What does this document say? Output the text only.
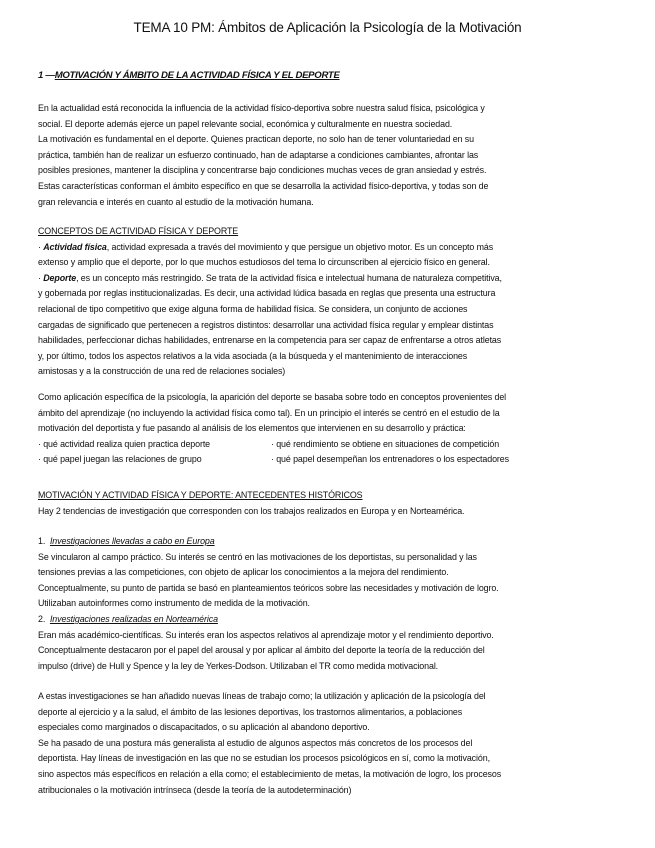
TEMA 10 PM: Ámbitos de Aplicación la Psicología de la Motivación
1 —MOTIVACIÓN Y ÁMBITO DE LA ACTIVIDAD FÍSICA Y EL DEPORTE
En la actualidad está reconocida la influencia de la actividad físico-deportiva sobre nuestra salud física, psicológica y
social. El deporte además ejerce un papel relevante social, económica y culturalmente en nuestra sociedad.
La motivación es fundamental en el deporte. Quienes practican deporte, no solo han de tener voluntariedad en su
práctica, también han de realizar un esfuerzo continuado, han de adaptarse a condiciones cambiantes, afrontar las
posibles presiones, mantener la disciplina y concentrarse bajo condiciones muchas veces de gran ansiedad y estrés.
Estas características conforman el ámbito específico en que se desarrolla la actividad físico-deportiva, y todas son de
gran relevancia e interés en cuanto al estudio de la motivación humana.
CONCEPTOS DE ACTIVIDAD FÍSICA Y DEPORTE
· Actividad física, actividad expresada a través del movimiento y que persigue un objetivo motor. Es un concepto más
extenso y amplio que el deporte, por lo que muchos estudiosos del tema lo circunscriben al ejercicio físico en general.
· Deporte, es un concepto más restringido. Se trata de la actividad física e intelectual humana de naturaleza competitiva,
y gobernada por reglas institucionalizadas. Es decir, una actividad lúdica basada en reglas que presenta una estructura
relacional de tipo competitivo que exige alguna forma de habilidad física. Se considera, un conjunto de acciones
cargadas de significado que pertenecen a registros distintos: desarrollar una actividad física regular y emplear distintas
habilidades, perfeccionar dichas habilidades, entrenarse en la competencia para ser capaz de enfrentarse a otros atletas
y, por último, todos los aspectos relativos a la vida asociada (a la búsqueda y el mantenimiento de interacciones
amistosas y a la construcción de una red de relaciones sociales)
Como aplicación específica de la psicología, la aparición del deporte se basaba sobre todo en conceptos provenientes del
ámbito del aprendizaje (no incluyendo la actividad física como tal). En un principio el interés se centró en el estudio de la
motivación del deportista y fue pasando al análisis de los elementos que intervienen en su desarrollo y práctica:
· qué actividad realiza quien practica deporte	· qué rendimiento se obtiene en situaciones de competición
· qué papel juegan las relaciones de grupo	· qué papel desempeñan los entrenadores o los espectadores
MOTIVACIÓN Y ACTIVIDAD FÍSICA Y DEPORTE: ANTECEDENTES HISTÓRICOS
Hay 2 tendencias de investigación que corresponden con los trabajos realizados en Europa y en Norteamérica.
1. Investigaciones llevadas a cabo en Europa
Se vincularon al campo práctico. Su interés se centró en las motivaciones de los deportistas, su personalidad y las
tensiones previas a las competiciones, con objeto de aplicar los conocimientos a la mejora del rendimiento.
Conceptualmente, su punto de partida se basó en planteamientos teóricos sobre las necesidades y motivación de logro.
Utilizaban autoinformes como instrumento de medida de la motivación.
2. Investigaciones realizadas en Norteamérica
Eran más académico-científicas. Su interés eran los aspectos relativos al aprendizaje motor y el rendimiento deportivo.
Conceptualmente destacaron por el papel del arousal y por aplicar al ámbito del deporte la teoría de la reducción del
impulso (drive) de Hull y Spence y la ley de Yerkes-Dodson. Utilizaban el TR como medida motivacional.
A estas investigaciones se han añadido nuevas líneas de trabajo como; la utilización y aplicación de la psicología del
deporte al ejercicio y a la salud, el ámbito de las lesiones deportivas, los trastornos alimentarios, a poblaciones
especiales como marginados o discapacitados, o su aplicación al abandono deportivo.
Se ha pasado de una postura más generalista al estudio de algunos aspectos más concretos de los procesos del
deportista. Hay líneas de investigación en las que no se estudian los procesos psicológicos en sí, como la motivación,
sino aspectos más específicos en relación a ella como; el establecimiento de metas, la motivación de logro, los procesos
atribucionales o la motivación intrínseca (desde la teoría de la autodeterminación)
